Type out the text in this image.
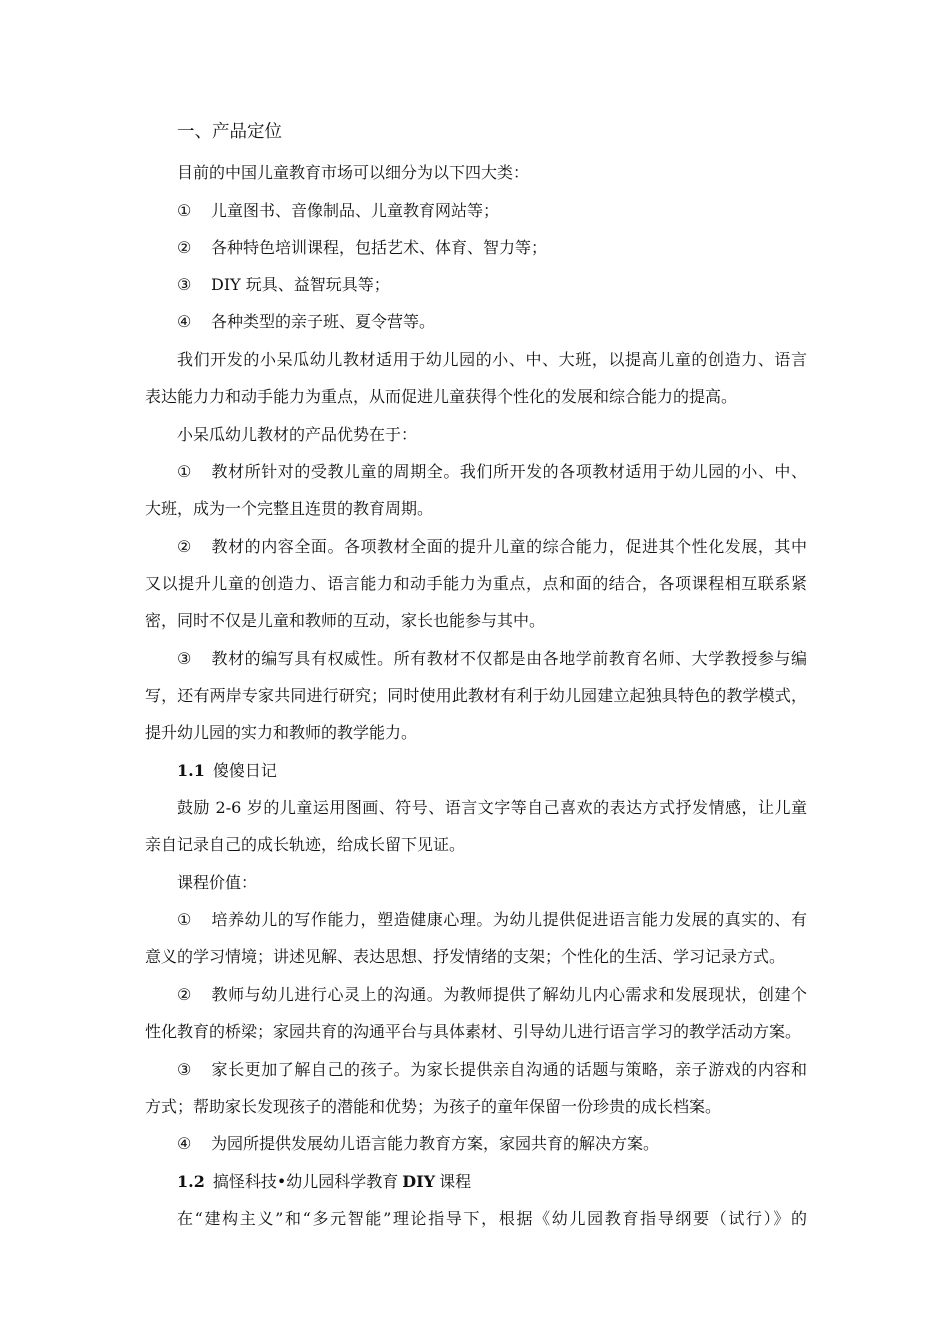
一、产品定位
目前的中国儿童教育市场可以细分为以下四大类：
① 儿童图书、音像制品、儿童教育网站等；
② 各种特色培训课程，包括艺术、体育、智力等；
③ DIY 玩具、益智玩具等；
④ 各种类型的亲子班、夏令营等。
我们开发的小呆瓜幼儿教材适用于幼儿园的小、中、大班，以提高儿童的创造力、语言
表达能力力和动手能力为重点，从而促进儿童获得个性化的发展和综合能力的提高。
小呆瓜幼儿教材的产品优势在于：
① 教材所针对的受教儿童的周期全。我们所开发的各项教材适用于幼儿园的小、中、
大班，成为一个完整且连贯的教育周期。
② 教材的内容全面。各项教材全面的提升儿童的综合能力，促进其个性化发展，其中
又以提升儿童的创造力、语言能力和动手能力为重点，点和面的结合，各项课程相互联系紧
密，同时不仅是儿童和教师的互动，家长也能参与其中。
③ 教材的编写具有权威性。所有教材不仅都是由各地学前教育名师、大学教授参与编
写，还有两岸专家共同进行研究；同时使用此教材有利于幼儿园建立起独具特色的教学模式，
提升幼儿园的实力和教师的教学能力。
1.1 傻傻日记
鼓励 2-6 岁的儿童运用图画、符号、语言文字等自己喜欢的表达方式抒发情感，让儿童
亲自记录自己的成长轨迹，给成长留下见证。
课程价值：
① 培养幼儿的写作能力，塑造健康心理。为幼儿提供促进语言能力发展的真实的、有
意义的学习情境；讲述见解、表达思想、抒发情绪的支架；个性化的生活、学习记录方式。
② 教师与幼儿进行心灵上的沟通。为教师提供了解幼儿内心需求和发展现状，创建个
性化教育的桥梁；家园共育的沟通平台与具体素材、引导幼儿进行语言学习的教学活动方案。
③ 家长更加了解自己的孩子。为家长提供亲自沟通的话题与策略，亲子游戏的内容和
方式；帮助家长发现孩子的潜能和优势；为孩子的童年保留一份珍贵的成长档案。
④ 为园所提供发展幼儿语言能力教育方案，家园共育的解决方案。
1.2 搞怪科技•幼儿园科学教育 DIY 课程
在“建构主义”和“多元智能”理论指导下，根据《幼儿园教育指导纲要（试行）》的
